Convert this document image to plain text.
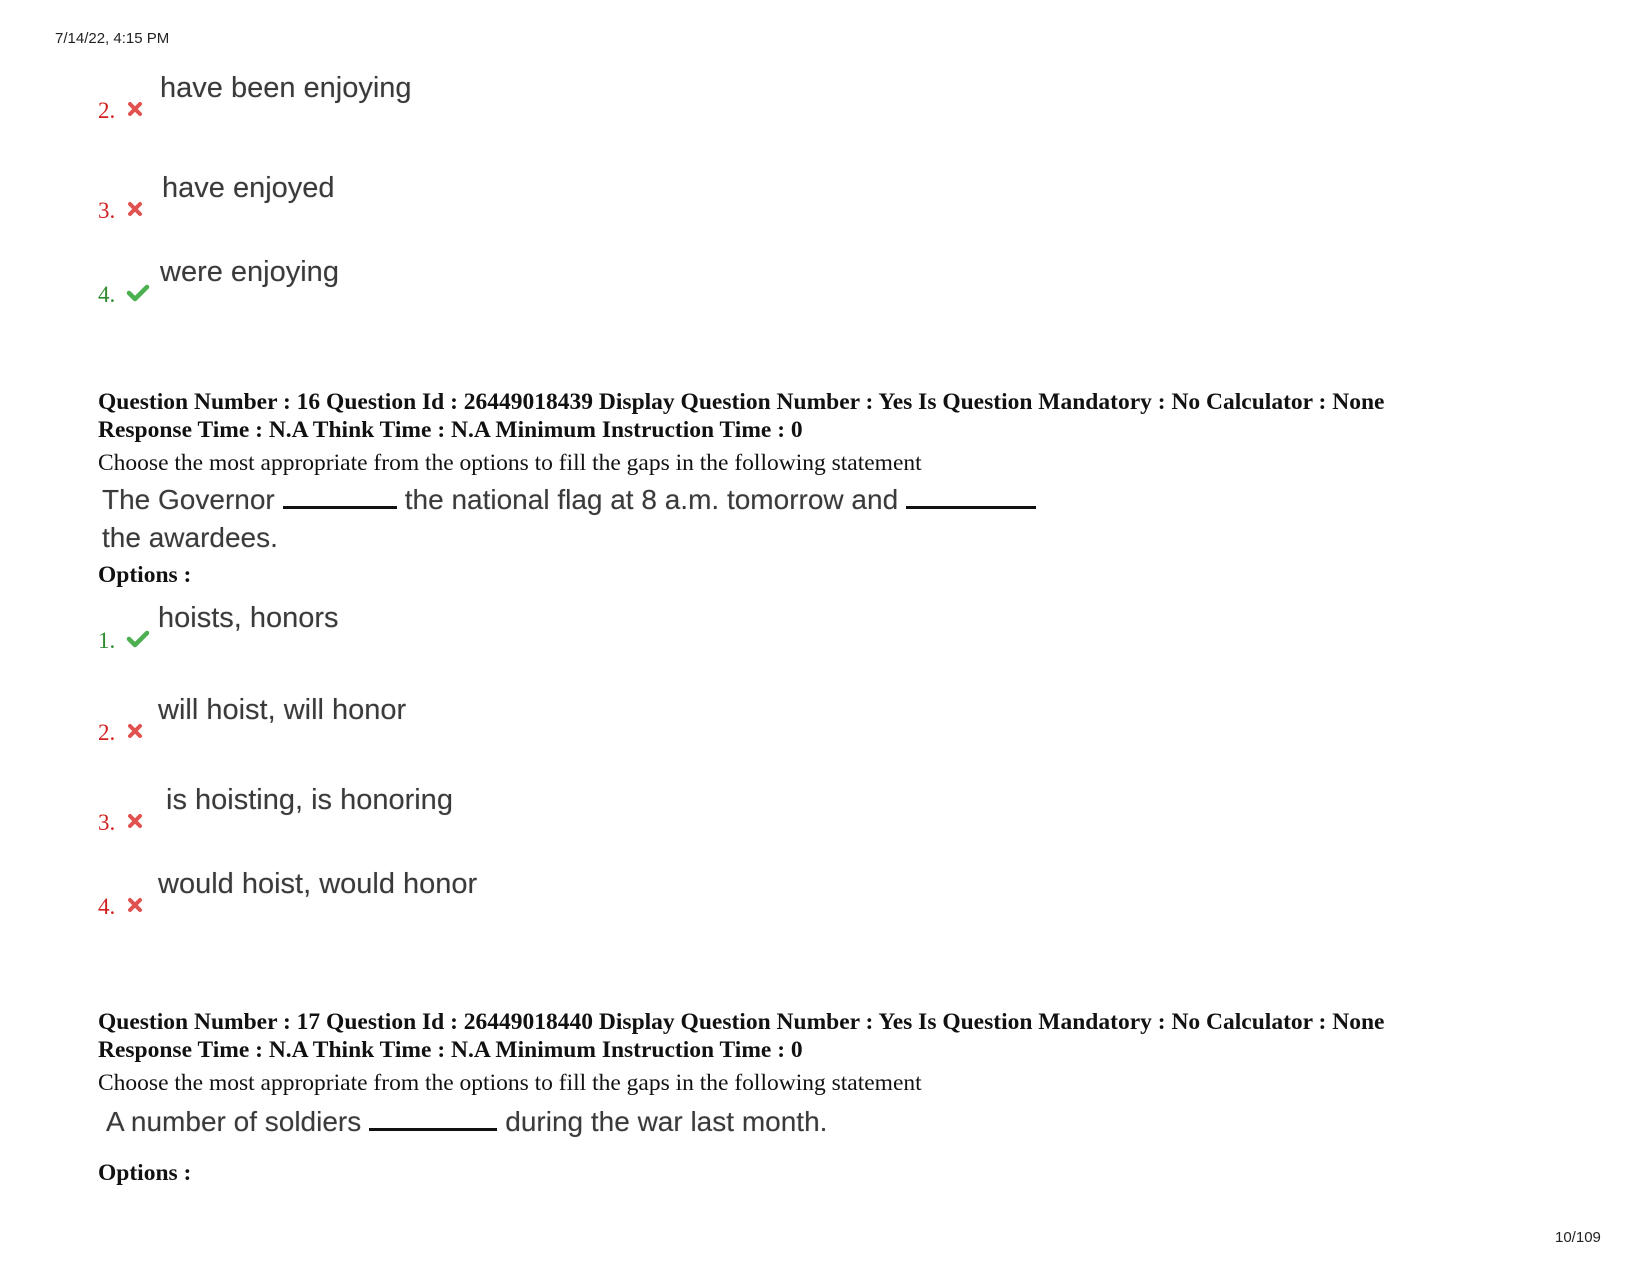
7/14/22, 4:15 PM
10/109
2.
have been enjoying
3.
have enjoyed
4.
were enjoying
Question Number : 16 Question Id : 26449018439 Display Question Number : Yes Is Question Mandatory : No Calculator : None
Response Time : N.A Think Time : N.A Minimum Instruction Time : 0
Choose the most appropriate from the options to fill the gaps in the following statement
The Governor	the national flag at 8 a.m. tomorrow and
the awardees.
Options :
1.
hoists, honors
2.
will hoist, will honor
3.
is hoisting, is honoring
4.
would hoist, would honor
Question Number : 17 Question Id : 26449018440 Display Question Number : Yes Is Question Mandatory : No Calculator : None
Response Time : N.A Think Time : N.A Minimum Instruction Time : 0
Choose the most appropriate from the options to fill the gaps in the following statement
A number of soldiers	during the war last month.
Options :
